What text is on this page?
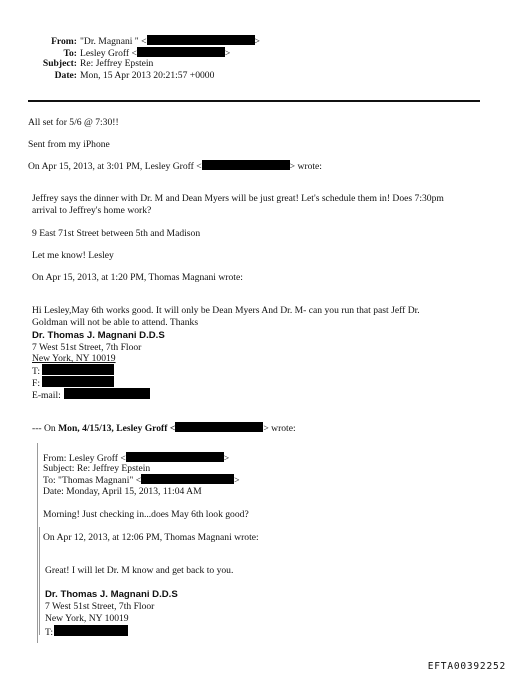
From: "Dr. Magnani " <	>
To: Lesley Groff <	>
Subject: Re: Jeffrey Epstein
Date: Mon, 15 Apr 2013 20:21:57 +0000
All set for 5/6 @ 7:30!!
Sent from my iPhone
On Apr 15, 2013, at 3:01 PM, Lesley Groff <	> wrote:
Jeffrey says the dinner with Dr. M and Dean Myers will be just great! Let's schedule them in! Does 7:30pm
arrival to Jeffrey's home work?
9 East 71st Street between 5th and Madison
Let me know! Lesley
On Apr 15, 2013, at 1:20 PM, Thomas Magnani wrote:
Hi Lesley,May 6th works good. It will only be Dean Myers And Dr. M- can you run that past Jeff Dr.
Goldman will not be able to attend. Thanks
Dr. Thomas J. Magnani D.D.S
7 West 51st Street, 7th Floor
New York, NY 10019
T:
F:
E-mail:
--- On Mon, 4/15/13, Lesley Groff <	> wrote:
From: Lesley Groff <	>
Subject: Re: Jeffrey Epstein
To: "Thomas Magnani" <	>
Date: Monday, April 15, 2013, 11:04 AM
Morning! Just checking in...does May 6th look good?
On Apr 12, 2013, at 12:06 PM, Thomas Magnani wrote:
Great! I will let Dr. M know and get back to you.
Dr. Thomas J. Magnani D.D.S
7 West 51st Street, 7th Floor
New York, NY 10019
T:
EFTA00392252
